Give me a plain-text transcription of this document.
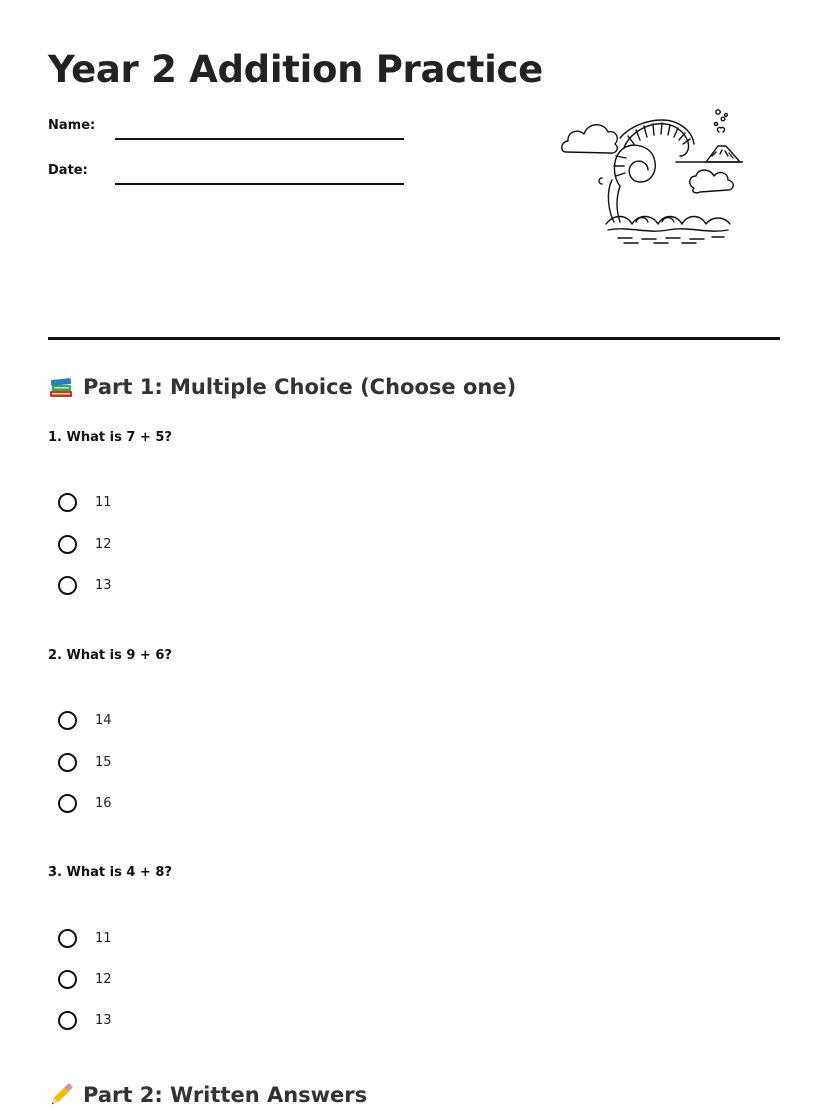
Year 2 Addition Practice
Name:
Date:
Part 1: Multiple Choice (Choose one)
1. What is 7 + 5?
11
12
13
2. What is 9 + 6?
14
15
16
3. What is 4 + 8?
11
12
13
Part 2: Written Answers
